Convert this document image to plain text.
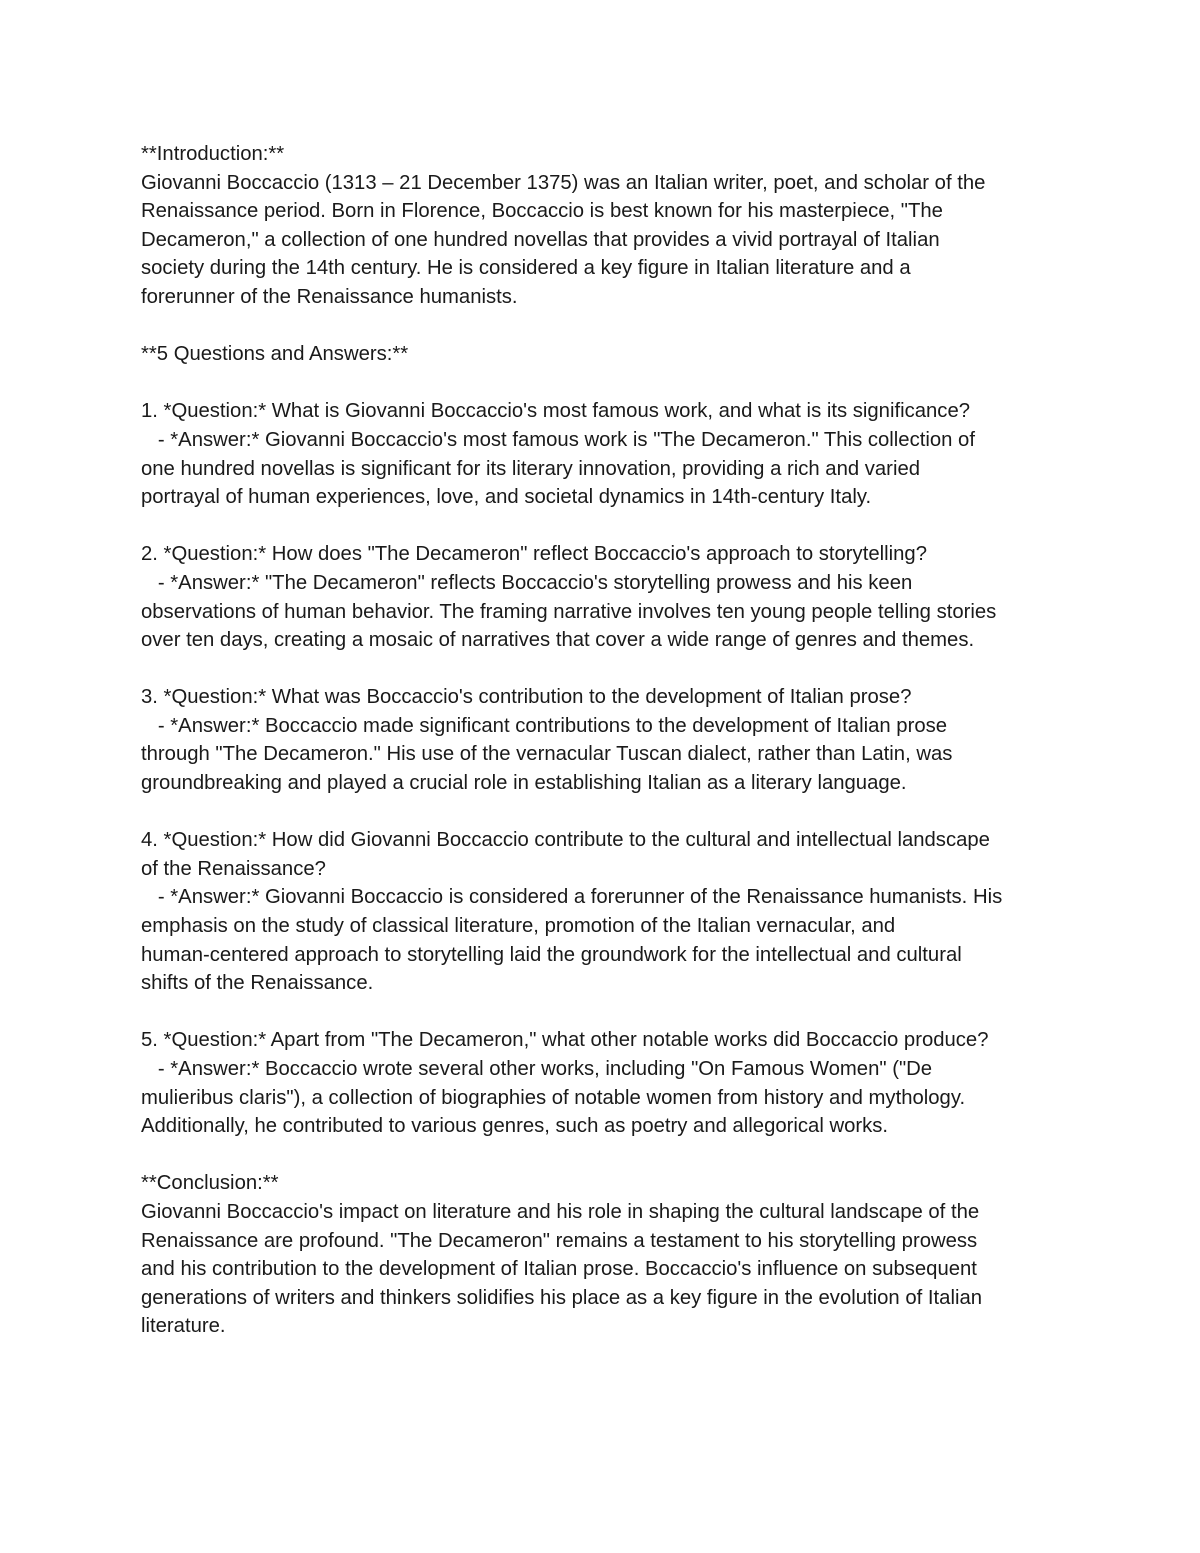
**Introduction:**
Giovanni Boccaccio (1313 – 21 December 1375) was an Italian writer, poet, and scholar of the
Renaissance period. Born in Florence, Boccaccio is best known for his masterpiece, "The
Decameron," a collection of one hundred novellas that provides a vivid portrayal of Italian
society during the 14th century. He is considered a key figure in Italian literature and a
forerunner of the Renaissance humanists.
**5 Questions and Answers:**
1. *Question:* What is Giovanni Boccaccio's most famous work, and what is its significance?
- *Answer:* Giovanni Boccaccio's most famous work is "The Decameron." This collection of
one hundred novellas is significant for its literary innovation, providing a rich and varied
portrayal of human experiences, love, and societal dynamics in 14th-century Italy.
2. *Question:* How does "The Decameron" reflect Boccaccio's approach to storytelling?
- *Answer:* "The Decameron" reflects Boccaccio's storytelling prowess and his keen
observations of human behavior. The framing narrative involves ten young people telling stories
over ten days, creating a mosaic of narratives that cover a wide range of genres and themes.
3. *Question:* What was Boccaccio's contribution to the development of Italian prose?
- *Answer:* Boccaccio made significant contributions to the development of Italian prose
through "The Decameron." His use of the vernacular Tuscan dialect, rather than Latin, was
groundbreaking and played a crucial role in establishing Italian as a literary language.
4. *Question:* How did Giovanni Boccaccio contribute to the cultural and intellectual landscape
of the Renaissance?
- *Answer:* Giovanni Boccaccio is considered a forerunner of the Renaissance humanists. His
emphasis on the study of classical literature, promotion of the Italian vernacular, and
human-centered approach to storytelling laid the groundwork for the intellectual and cultural
shifts of the Renaissance.
5. *Question:* Apart from "The Decameron," what other notable works did Boccaccio produce?
- *Answer:* Boccaccio wrote several other works, including "On Famous Women" ("De
mulieribus claris"), a collection of biographies of notable women from history and mythology.
Additionally, he contributed to various genres, such as poetry and allegorical works.
**Conclusion:**
Giovanni Boccaccio's impact on literature and his role in shaping the cultural landscape of the
Renaissance are profound. "The Decameron" remains a testament to his storytelling prowess
and his contribution to the development of Italian prose. Boccaccio's influence on subsequent
generations of writers and thinkers solidifies his place as a key figure in the evolution of Italian
literature.
